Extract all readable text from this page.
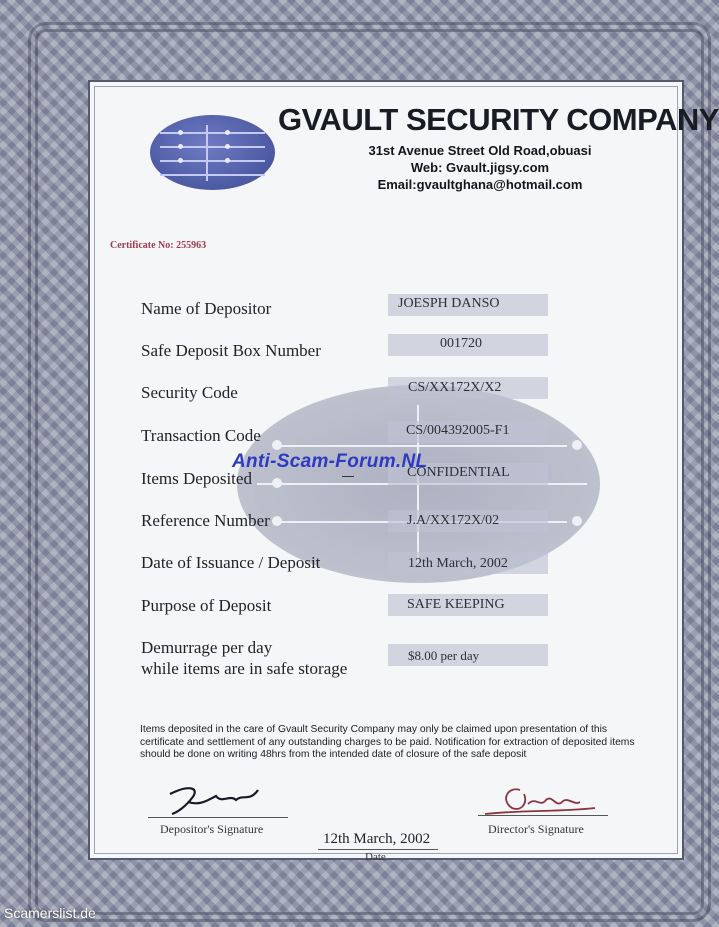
GVAULT SECURITY COMPANY
31st Avenue Street Old Road,obuasi
Web: Gvault.jigsy.com
Email:gvaultghana@hotmail.com
Certificate No: 255963
Name of Depositor
Safe Deposit Box Number
Security Code
Transaction Code
Items Deposited
Reference Number
Date of Issuance / Deposit
Purpose of Deposit
Demurrage per day
while items are in safe storage
JOESPH DANSO
001720
CS/XX172X/X2
CS/004392005-F1
CONFIDENTIAL
J.A/XX172X/02
12th March, 2002
SAFE KEEPING
$8.00 per day
Anti-Scam-Forum.NL
Items deposited in the care of Gvault Security Company may only be claimed upon presentation of this certificate and settlement of any outstanding charges to be paid. Notification for extraction of deposited items should be done on writing 48hrs from the intended date of closure of the safe deposit
Depositor's Signature	Director's Signature
12th March, 2002
Date
Scamerslist.de
